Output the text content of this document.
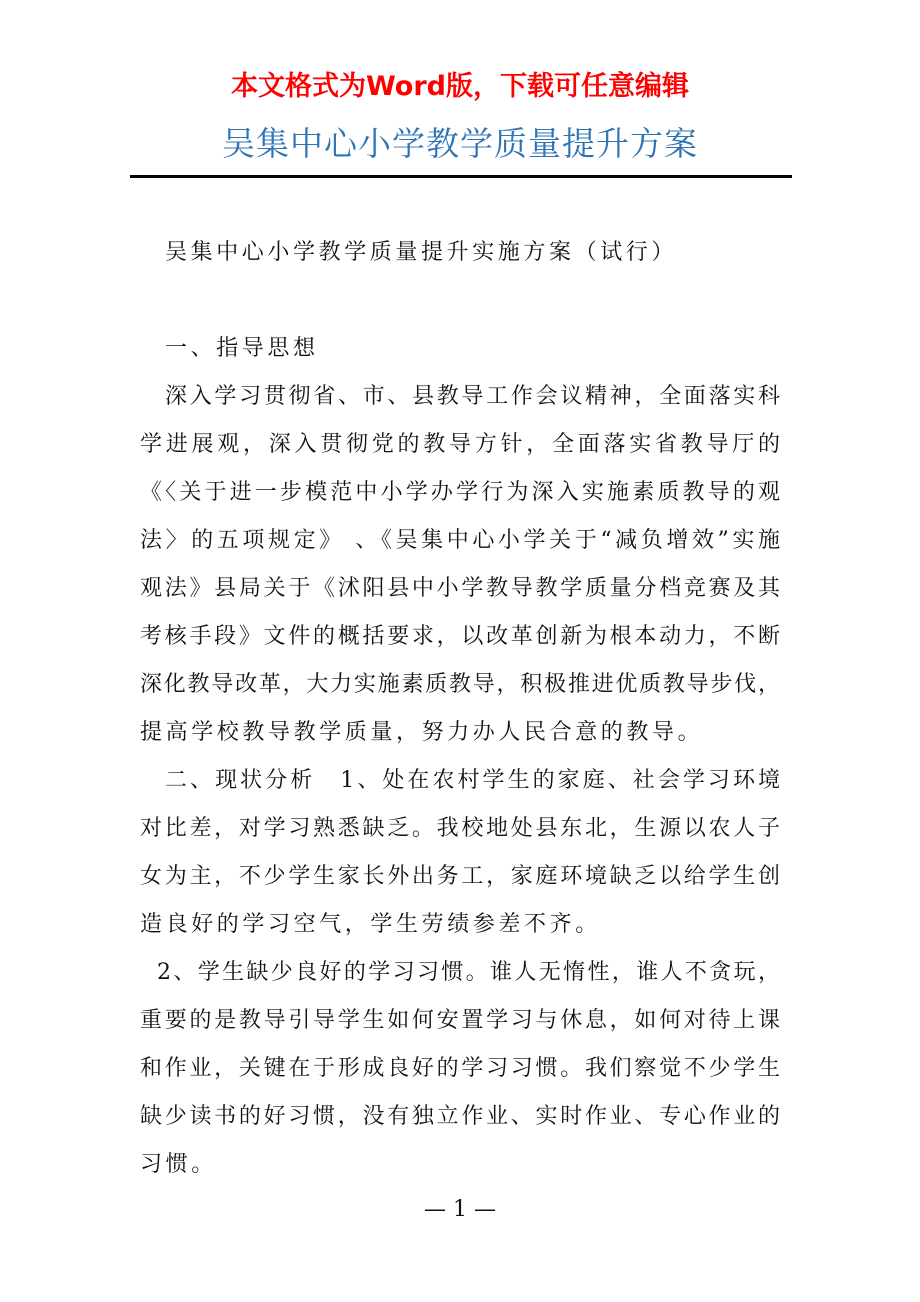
本文格式为Word版，下载可任意编辑
吴集中心小学教学质量提升方案
吴集中心小学教学质量提升实施方案（试行）
一、指导思想
深入学习贯彻省、市、县教导工作会议精神，全面落实科
学进展观，深入贯彻党的教导方针，全面落实省教导厅的
《〈关于进一步模范中小学办学行为深入实施素质教导的观
法〉的五项规定》 、《吴集中心小学关于“减负增效”实施
观法》县局关于《沭阳县中小学教导教学质量分档竞赛及其
考核手段》文件的概括要求，以改革创新为根本动力，不断
深化教导改革，大力实施素质教导，积极推进优质教导步伐，
提高学校教导教学质量，努力办人民合意的教导。
二、现状分析　1、处在农村学生的家庭、社会学习环境
对比差，对学习熟悉缺乏。我校地处县东北，生源以农人子
女为主，不少学生家长外出务工，家庭环境缺乏以给学生创
造良好的学习空气，学生劳绩参差不齐。
2、学生缺少良好的学习习惯。谁人无惰性，谁人不贪玩，
重要的是教导引导学生如何安置学习与休息，如何对待上课
和作业，关键在于形成良好的学习习惯。我们察觉不少学生
缺少读书的好习惯，没有独立作业、实时作业、专心作业的
习惯。
— 1 —
